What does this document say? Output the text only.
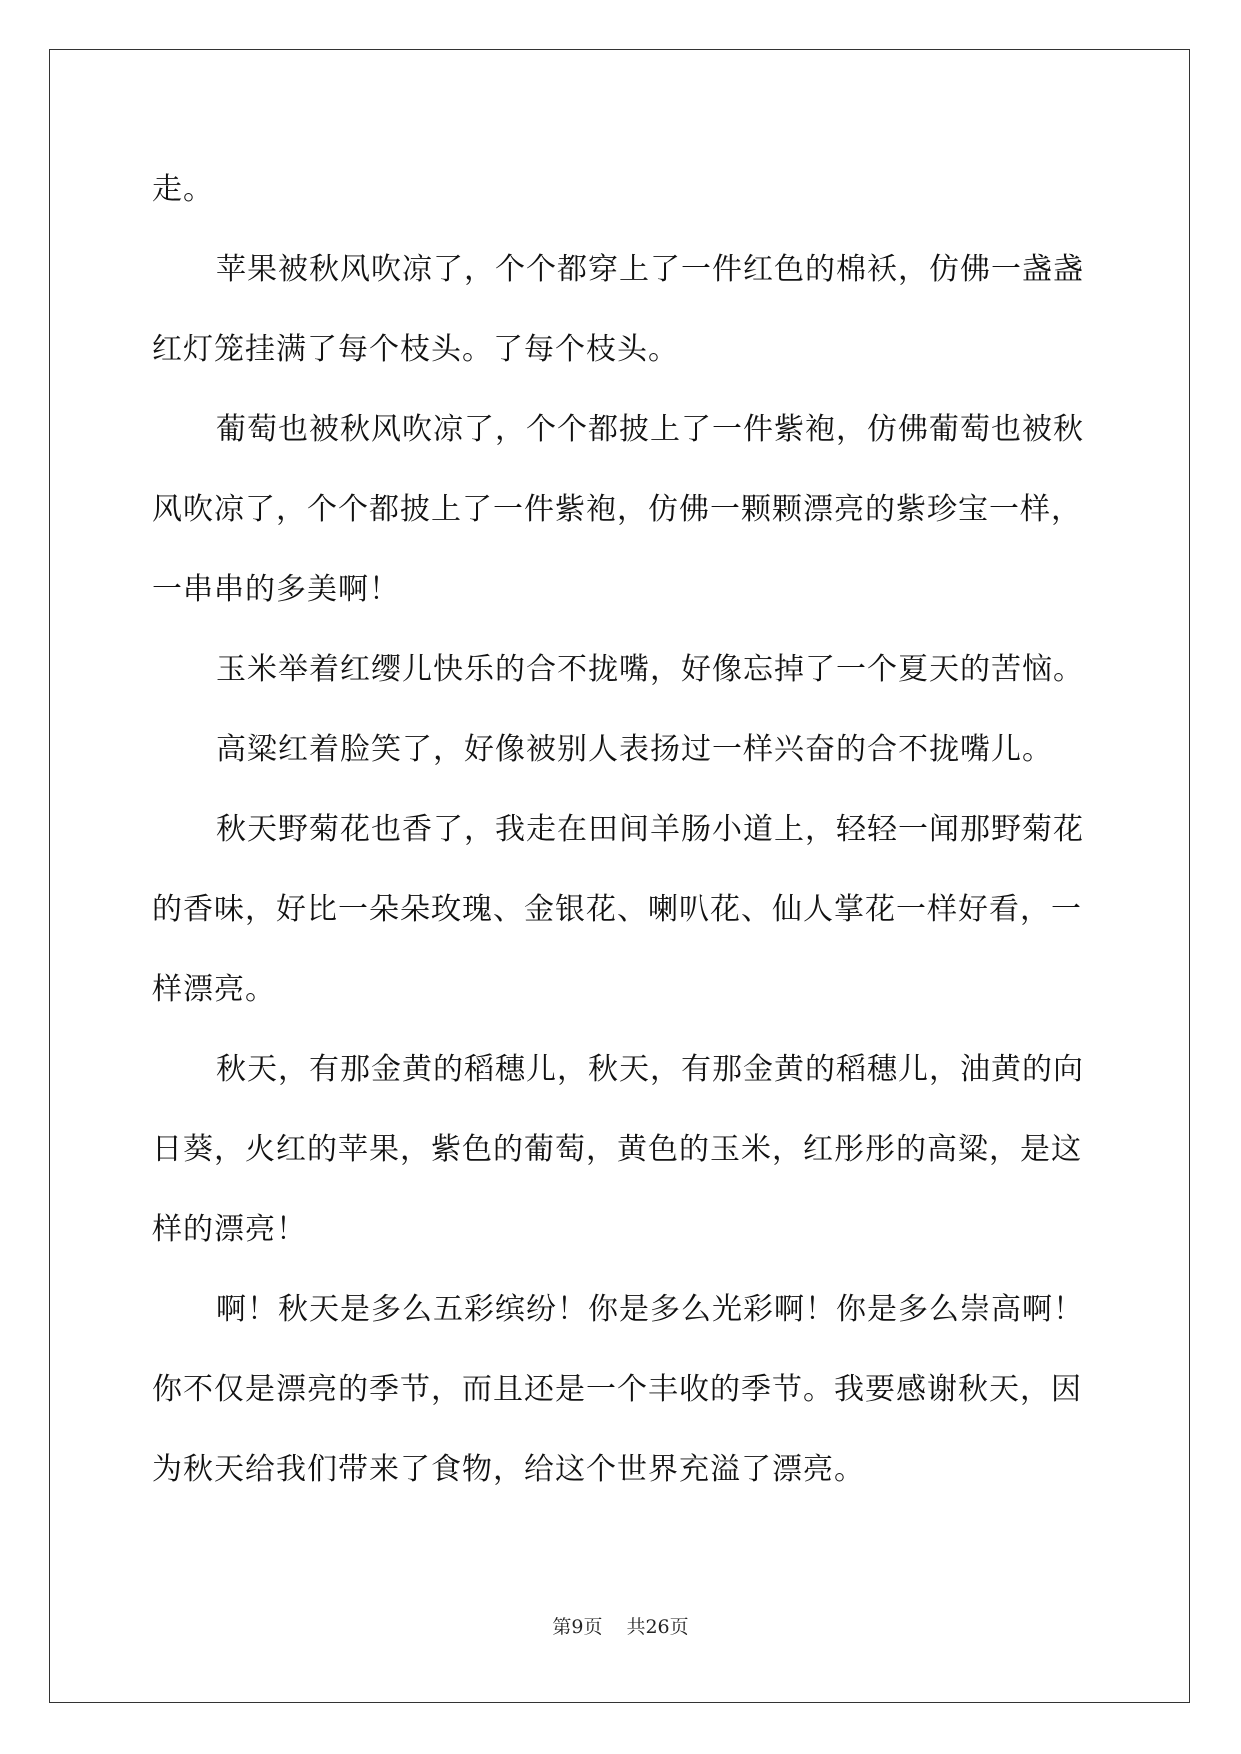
走。
苹果被秋风吹凉了，个个都穿上了一件红色的棉袄，仿佛一盏盏
红灯笼挂满了每个枝头。了每个枝头。
葡萄也被秋风吹凉了，个个都披上了一件紫袍，仿佛葡萄也被秋
风吹凉了，个个都披上了一件紫袍，仿佛一颗颗漂亮的紫珍宝一样，
一串串的多美啊！
玉米举着红缨儿快乐的合不拢嘴，好像忘掉了一个夏天的苦恼。
高粱红着脸笑了，好像被别人表扬过一样兴奋的合不拢嘴儿。
秋天野菊花也香了，我走在田间羊肠小道上，轻轻一闻那野菊花
的香味，好比一朵朵玫瑰、金银花、喇叭花、仙人掌花一样好看，一
样漂亮。
秋天，有那金黄的稻穗儿，秋天，有那金黄的稻穗儿，油黄的向
日葵，火红的苹果，紫色的葡萄，黄色的玉米，红彤彤的高粱，是这
样的漂亮！
啊！秋天是多么五彩缤纷！你是多么光彩啊！你是多么崇高啊！
你不仅是漂亮的季节，而且还是一个丰收的季节。我要感谢秋天，因
为秋天给我们带来了食物，给这个世界充溢了漂亮。
第9页 共26页
